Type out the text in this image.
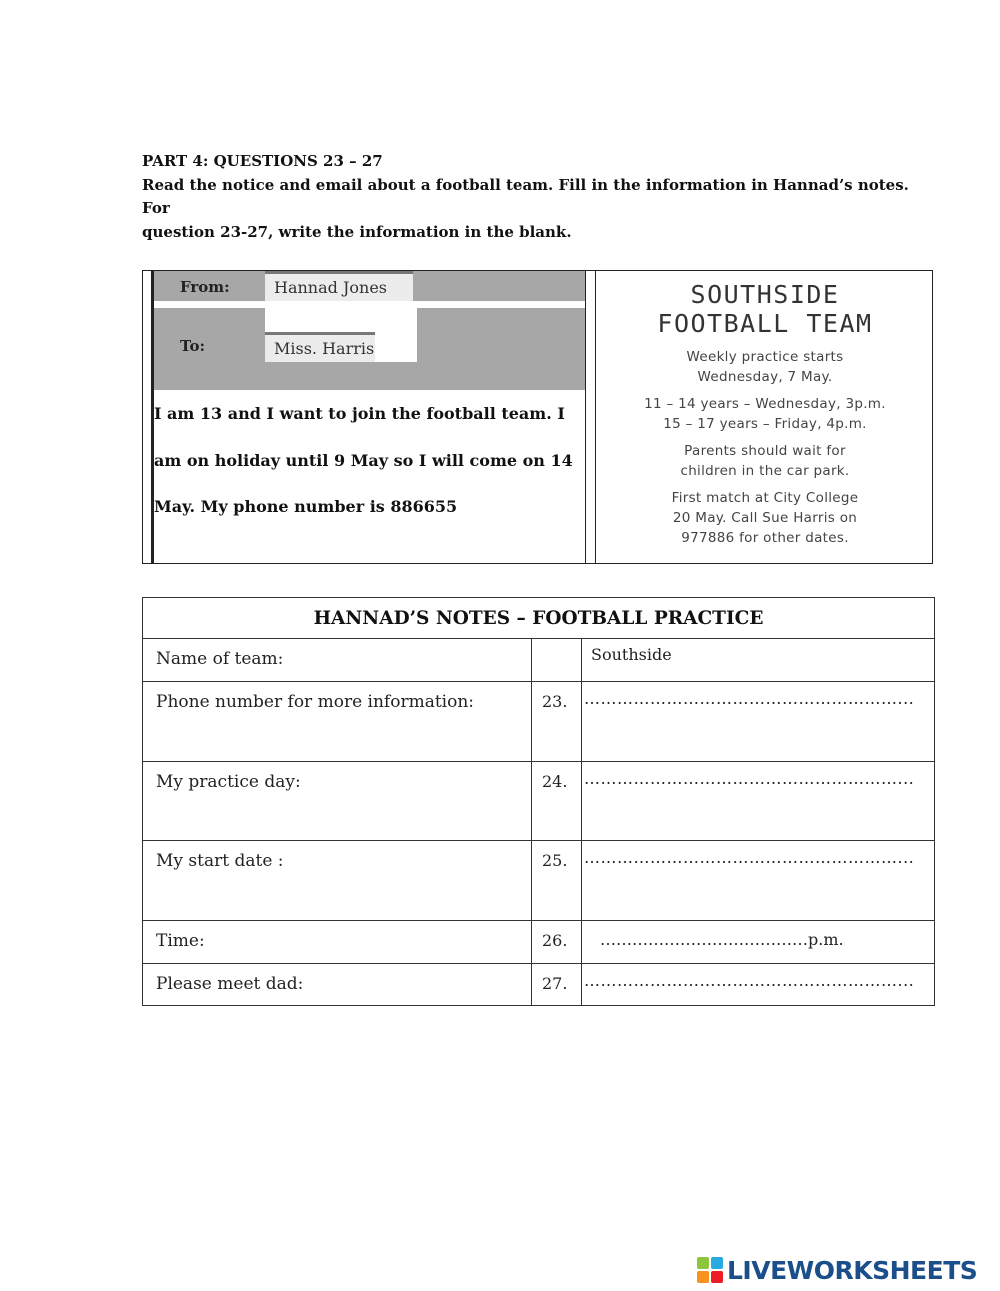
PART 4: QUESTIONS 23 – 27
Read the notice and email about a football team. Fill in the information in Hannad’s notes.
For
question 23-27, write the information in the blank.
From:	Hannad Jones
To:	Miss. Harris
I am 13 and I want to join the football team. I
am on holiday until 9 May so I will come on 14
May. My phone number is 886655
SOUTHSIDE
FOOTBALL TEAM
Weekly practice starts
Wednesday, 7 May.
11 – 14 years – Wednesday, 3p.m.
15 – 17 years – Friday, 4p.m.
Parents should wait for
children in the car park.
First match at City College
20 May. Call Sue Harris on
977886 for other dates.
HANNAD’S NOTES – FOOTBALL PRACTICE		
Name of team:		Southside
Phone number for more information:	23.	…………………………………………………...
My practice day:	24.	…………………………………………………...
My start date :	25.	…………………………………………………...
Time:	26.	…………………………………p.m.
Please meet dad:	27.	…………………………………………………...
LIVEWORKSHEETS
